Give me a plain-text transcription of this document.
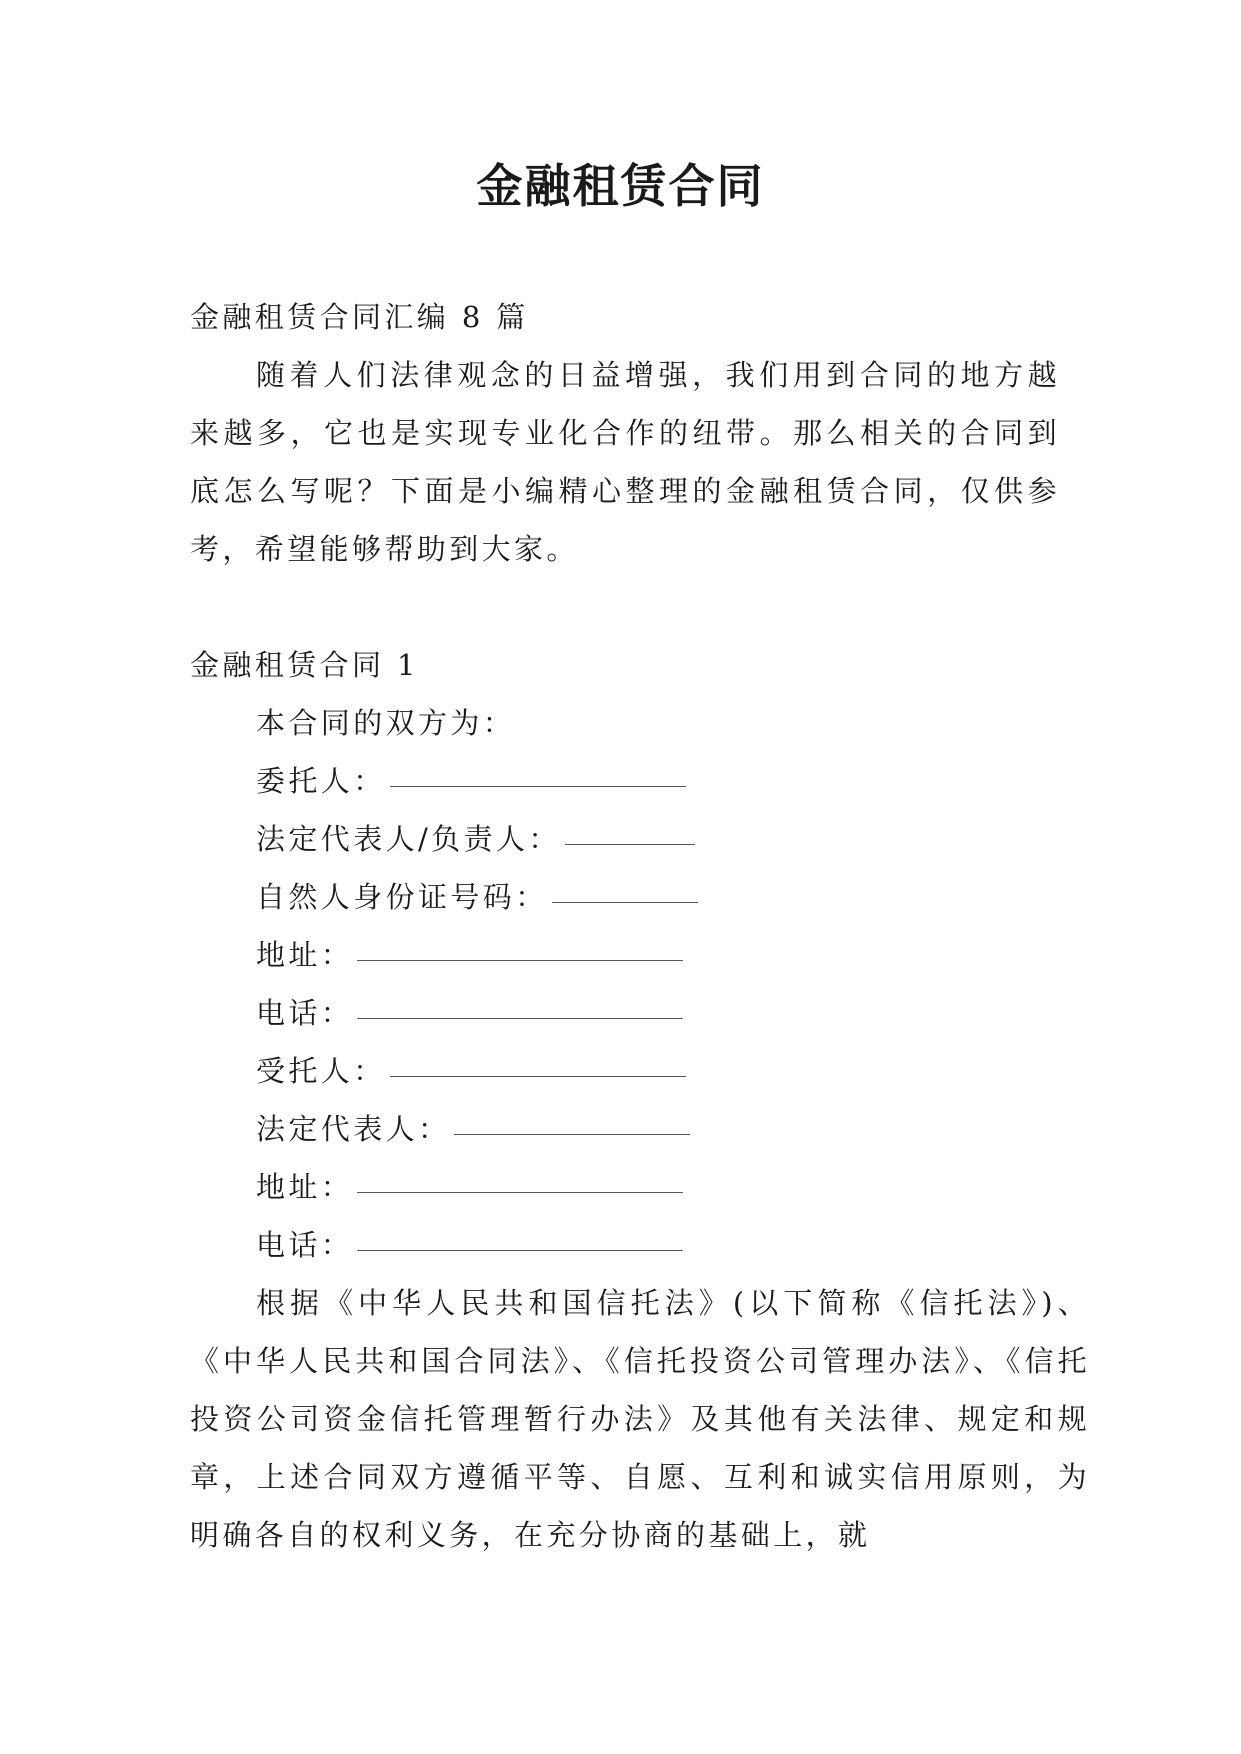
金融租赁合同
金融租赁合同汇编 8 篇
随着人们法律观念的日益增强，我们用到合同的地方越来越多，它也是实现专业化合作的纽带。那么相关的合同到底怎么写呢？下面是小编精心整理的金融租赁合同，仅供参考，希望能够帮助到大家。
金融租赁合同 1
本合同的双方为：
委托人：
法定代表人/负责人：
自然人身份证号码：
地址：
电话：
受托人：
法定代表人：
地址：
电话：
根据《中华人民共和国信托法》(以下简称《信托法》)、《中华人民共和国合同法》、《信托投资公司管理办法》、《信托投资公司资金信托管理暂行办法》及其他有关法律、规定和规章，上述合同双方遵循平等、自愿、互利和诚实信用原则，为明确各自的权利义务，在充分协商的基础上，就
